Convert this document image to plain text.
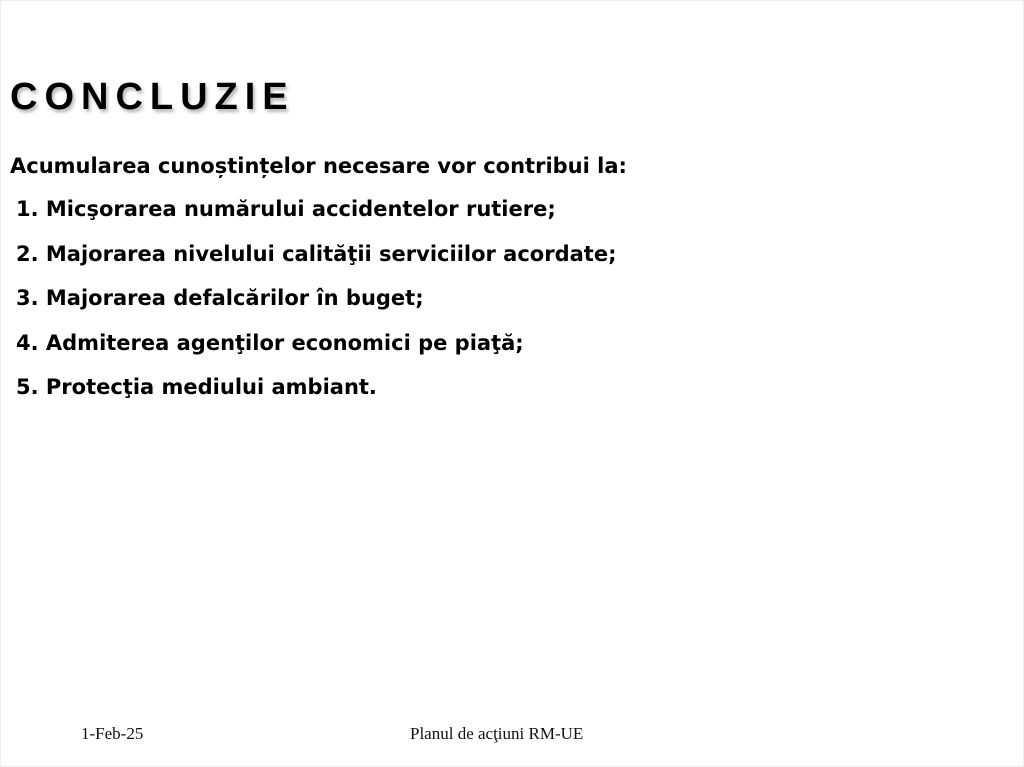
CONCLUZIE
Acumularea cunoștințelor necesare vor contribui la:
1. Micşorarea numărului accidentelor rutiere;
2. Majorarea nivelului calităţii serviciilor acordate;
3. Majorarea defalcărilor în buget;
4. Admiterea agenţilor economici pe piaţă;
5. Protecţia mediului ambiant.
1-Feb-25	Planul de acţiuni RM-UE
